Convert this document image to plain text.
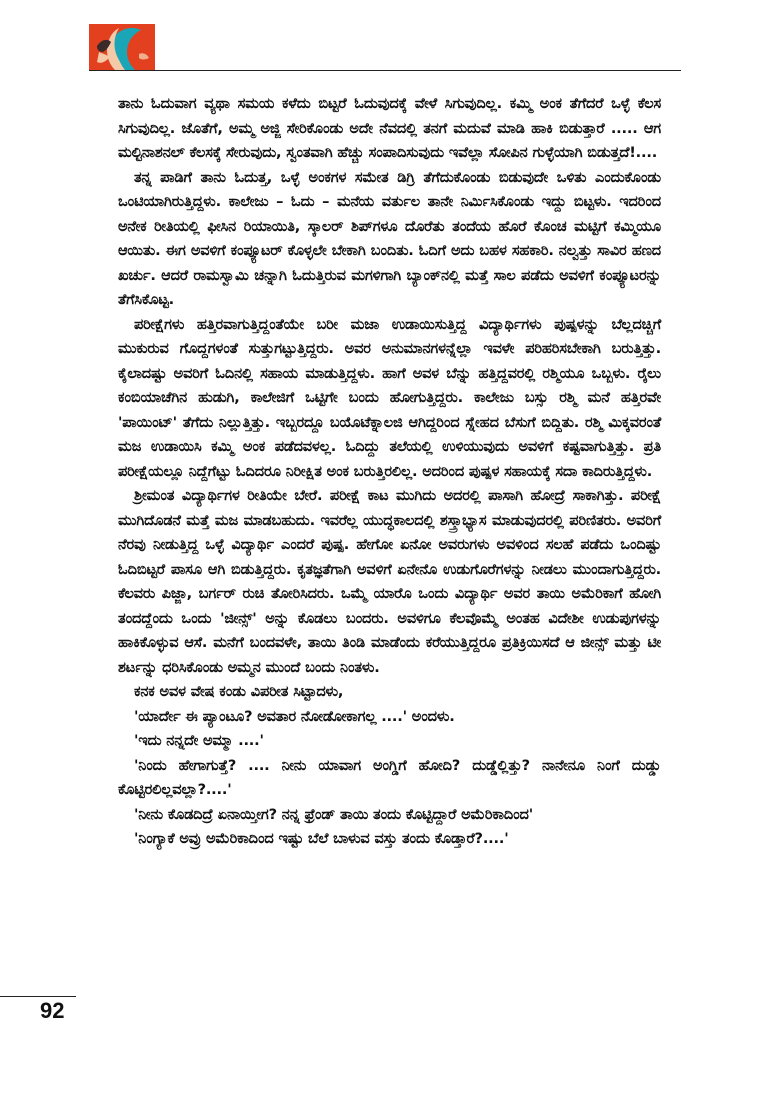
ತಾನು ಓದುವಾಗ ವ್ಯಥಾ ಸಮಯ ಕಳೆದು ಬಿಟ್ಟರೆ ಓದುವುದಕ್ಕೆ ವೇಳೆ ಸಿಗುವುದಿಲ್ಲ. ಕಮ್ಮಿ ಅಂಕ ತೆಗೆದರೆ ಒಳ್ಳೆ ಕೆಲಸ ಸಿಗುವುದಿಲ್ಲ. ಜೊತೆಗೆ, ಅಮ್ಮ ಅಜ್ಜಿ ಸೇರಿಕೊಂಡು ಅದೇ ನೆವದಲ್ಲಿ ತನಗೆ ಮದುವೆ ಮಾಡಿ ಹಾಕಿ ಬಿಡುತ್ತಾರೆ ..... ಆಗ ಮಲ್ಟಿನಾಶನಲ್ ಕೆಲಸಕ್ಕೆ ಸೇರುವುದು, ಸ್ವಂತವಾಗಿ ಹೆಚ್ಚು ಸಂಪಾದಿಸುವುದು ಇವೆಲ್ಲಾ ಸೋಪಿನ ಗುಳ್ಳೆಯಾಗಿ ಬಿಡುತ್ತದೆ!....

ತನ್ನ ಪಾಡಿಗೆ ತಾನು ಓದುತ್ತ, ಒಳ್ಳೆ ಅಂಕಗಳ ಸಮೇತ ಡಿಗ್ರಿ ತೆಗೆದುಕೊಂಡು ಬಿಡುವುದೇ ಒಳಿತು ಎಂದುಕೊಂಡು ಒಂಟಿಯಾಗಿರುತ್ತಿದ್ದಳು. ಕಾಲೇಜು – ಓದು – ಮನೆಯ ವರ್ತುಲ ತಾನೇ ನಿರ್ಮಿಸಿಕೊಂಡು ಇದ್ದು ಬಿಟ್ಟಳು. ಇದರಿಂದ ಅನೇಕ ರೀತಿಯಲ್ಲಿ ಫೀಸಿನ ರಿಯಾಯಿತಿ, ಸ್ಕಾಲರ್ ಶಿಪ್‌ಗಳೂ ದೊರೆತು ತಂದೆಯ ಹೊರೆ ಕೊಂಚ ಮಟ್ಟಿಗೆ ಕಮ್ಮಿಯೂ ಆಯಿತು. ಈಗ ಅವಳಿಗೆ ಕಂಪ್ಯೂಟರ್ ಕೊಳ್ಳಲೇ ಬೇಕಾಗಿ ಬಂದಿತು. ಓದಿಗೆ ಅದು ಬಹಳ ಸಹಕಾರಿ. ನಲ್ವತ್ತು ಸಾವಿರ ಹಣದ ಖರ್ಚು. ಆದರೆ ರಾಮಸ್ವಾಮಿ ಚನ್ನಾಗಿ ಓದುತ್ತಿರುವ ಮಗಳಿಗಾಗಿ ಬ್ಯಾಂಕ್‌ನಲ್ಲಿ ಮತ್ತೆ ಸಾಲ ಪಡೆದು ಅವಳಿಗೆ ಕಂಪ್ಯೂಟರನ್ನು ತೆಗೆಸಿಕೊಟ್ಟ.

ಪರೀಕ್ಷೆಗಳು ಹತ್ತಿರವಾಗುತ್ತಿದ್ದಂತೆಯೇ ಬರೀ ಮಜಾ ಉಡಾಯಿಸುತ್ತಿದ್ದ ವಿದ್ಯಾರ್ಥಿಗಳು ಪುಷ್ಪಳನ್ನು ಬೆಲ್ಲದಚ್ಚಿಗೆ ಮುಕುರುವ ಗೊದ್ದಗಳಂತೆ ಸುತ್ತುಗಟ್ಟುತ್ತಿದ್ದರು. ಅವರ ಅನುಮಾನಗಳನ್ನೆಲ್ಲಾ ಇವಳೇ ಪರಿಹರಿಸಬೇಕಾಗಿ ಬರುತ್ತಿತ್ತು. ಕೈಲಾದಷ್ಟು ಅವರಿಗೆ ಓದಿನಲ್ಲಿ ಸಹಾಯ ಮಾಡುತ್ತಿದ್ದಳು. ಹಾಗೆ ಅವಳ ಬೆನ್ನು ಹತ್ತಿದ್ದವರಲ್ಲಿ ರಶ್ಮಿಯೂ ಒಬ್ಬಳು. ರೈಲು ಕಂಬಿಯಾಚೆಗಿನ ಹುಡುಗಿ, ಕಾಲೇಜಿಗೆ ಒಟ್ಟಿಗೇ ಬಂದು ಹೋಗುತ್ತಿದ್ದರು. ಕಾಲೇಜು ಬಸ್ಸು ರಶ್ಮಿ ಮನೆ ಹತ್ತಿರವೇ 'ಪಾಯಿಂಟ್' ತೆಗೆದು ನಿಲ್ಲುತ್ತಿತ್ತು. ಇಬ್ಬರದ್ದೂ ಬಯೊಟೆಕ್ನಾಲಜಿ ಆಗಿದ್ದರಿಂದ ಸ್ನೇಹದ ಬೆಸುಗೆ ಬಿದ್ದಿತು. ರಶ್ಮಿ ಮಿಕ್ಕವರಂತೆ ಮಜ ಉಡಾಯಿಸಿ ಕಮ್ಮಿ ಅಂಕ ಪಡೆದವಳಲ್ಲ. ಓದಿದ್ದು ತಲೆಯಲ್ಲಿ ಉಳಿಯುವುದು ಅವಳಿಗೆ ಕಷ್ಟವಾಗುತ್ತಿತ್ತು. ಪ್ರತಿ ಪರೀಕ್ಷೆಯಲ್ಲೂ ನಿದ್ದೆಗೆಟ್ಟು ಓದಿದರೂ ನಿರೀಕ್ಷಿತ ಅಂಕ ಬರುತ್ತಿರಲಿಲ್ಲ. ಅದರಿಂದ ಪುಷ್ಪಳ ಸಹಾಯಕ್ಕೆ ಸದಾ ಕಾದಿರುತ್ತಿದ್ದಳು.

ಶ್ರೀಮಂತ ವಿದ್ಯಾರ್ಥಿಗಳ ರೀತಿಯೇ ಬೇರೆ. ಪರೀಕ್ಷೆ ಕಾಟ ಮುಗಿದು ಅದರಲ್ಲಿ ಪಾಸಾಗಿ ಹೋದ್ರೆ ಸಾಕಾಗಿತ್ತು. ಪರೀಕ್ಷೆ ಮುಗಿದೊಡನೆ ಮತ್ತೆ ಮಜ ಮಾಡಬಹುದು. ಇವರೆಲ್ಲ ಯುದ್ಧಕಾಲದಲ್ಲಿ ಶಸ್ತ್ರಾಭ್ಯಾಸ ಮಾಡುವುದರಲ್ಲಿ ಪರಿಣಿತರು. ಅವರಿಗೆ ನೆರವು ನೀಡುತ್ತಿದ್ದ ಒಳ್ಳೆ ವಿದ್ಯಾರ್ಥಿ ಎಂದರೆ ಪುಷ್ಪ. ಹೇಗೋ ಏನೋ ಅವರುಗಳು ಅವಳಿಂದ ಸಲಹೆ ಪಡೆದು ಒಂದಿಷ್ಟು ಓದಿಬಿಟ್ಟರೆ ಪಾಸೂ ಆಗಿ ಬಿಡುತ್ತಿದ್ದರು. ಕೃತಜ್ಞತೆಗಾಗಿ ಅವಳಿಗೆ ಏನೇನೊ ಉಡುಗೊರೆಗಳನ್ನು ನೀಡಲು ಮುಂದಾಗುತ್ತಿದ್ದರು. ಕೆಲವರು ಪಿಜ್ಜಾ, ಬರ್ಗರ್ ರುಚಿ ತೋರಿಸಿದರು. ಒಮ್ಮೆ ಯಾರೊ ಒಂದು ವಿದ್ಯಾರ್ಥಿ ಅವರ ತಾಯಿ ಅಮೆರಿಕಾಗೆ ಹೋಗಿ ತಂದದ್ದೆಂದು ಒಂದು 'ಜೀನ್ಸ್' ಅನ್ನು ಕೊಡಲು ಬಂದರು. ಅವಳಿಗೂ ಕೆಲವೊಮ್ಮೆ ಅಂತಹ ವಿದೇಶೀ ಉಡುಪುಗಳನ್ನು ಹಾಕಿಕೊಳ್ಳುವ ಆಸೆ. ಮನೆಗೆ ಬಂದವಳೇ, ತಾಯಿ ತಿಂಡಿ ಮಾಡೆಂದು ಕರೆಯುತ್ತಿದ್ದರೂ ಪ್ರತಿಕ್ರಿಯಿಸದೆ ಆ ಜೀನ್ಸ್ ಮತ್ತು ಟೀ ಶರ್ಟನ್ನು ಧರಿಸಿಕೊಂಡು ಅಮ್ಮನ ಮುಂದೆ ಬಂದು ನಿಂತಳು.

ಕನಕ ಅವಳ ವೇಷ ಕಂಡು ವಿಪರೀತ ಸಿಟ್ಟಾದಳು,

'ಯಾರ್ದೇ ಈ ಪ್ಯಾಂಟೂ? ಅವತಾರ ನೋಡೋಕಾಗಲ್ಲ ....' ಅಂದಳು.

'ಇದು ನನ್ನದೇ ಅಮ್ಮಾ ....'

'ನಿಂದು ಹೇಗಾಗುತ್ತೆ? .... ನೀನು ಯಾವಾಗ ಅಂಗ್ಡಿಗೆ ಹೋದಿ? ದುಡ್ಡೆಲ್ಲಿತ್ತು? ನಾನೇನೂ ನಿಂಗೆ ದುಡ್ಡು ಕೊಟ್ಟಿರಲಿಲ್ಲವಲ್ಲಾ?....'

'ನೀನು ಕೊಡದಿದ್ರೆ ಏನಾಯ್ತೀಗ? ನನ್ನ ಫ್ರೆಂಡ್ ತಾಯಿ ತಂದು ಕೊಟ್ಟಿದ್ದಾರೆ ಅಮೆರಿಕಾದಿಂದ'

'ನಿಂಗ್ಯಾಕೆ ಅವ್ರು ಅಮೆರಿಕಾದಿಂದ ಇಷ್ಟು ಬೆಲೆ ಬಾಳುವ ವಸ್ತು ತಂದು ಕೊಡ್ತಾರೆ?....'

92
